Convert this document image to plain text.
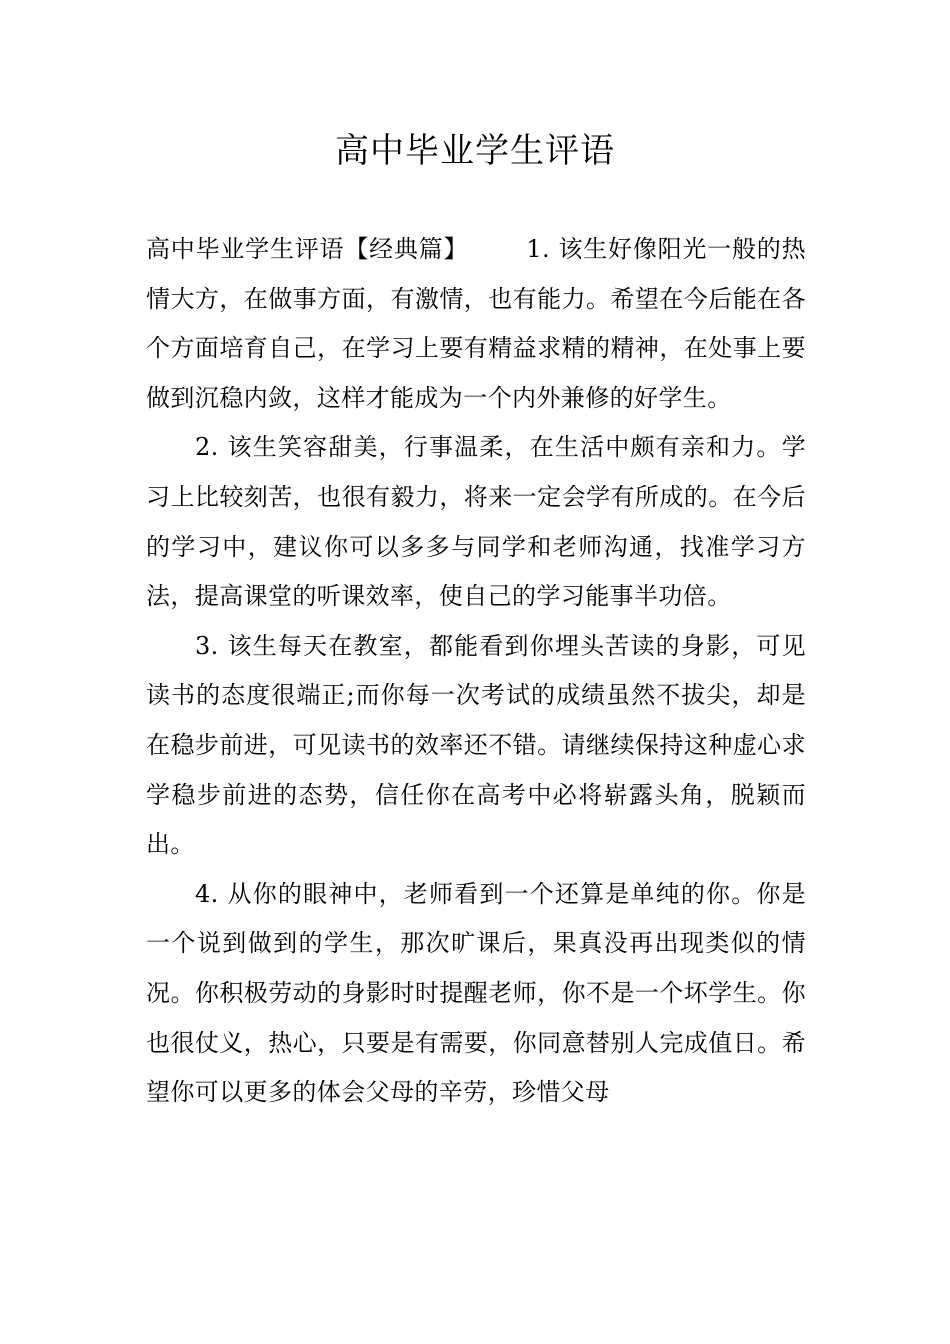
高中毕业学生评语

高中毕业学生评语【经典篇】 1. 该生好像阳光一般的热情大方，在做事方面，有激情，也有能力。希望在今后能在各个方面培育自己，在学习上要有精益求精的精神，在处事上要做到沉稳内敛，这样才能成为一个内外兼修的好学生。

2. 该生笑容甜美，行事温柔，在生活中颇有亲和力。学习上比较刻苦，也很有毅力，将来一定会学有所成的。在今后的学习中，建议你可以多多与同学和老师沟通，找准学习方法，提高课堂的听课效率，使自己的学习能事半功倍。

3. 该生每天在教室，都能看到你埋头苦读的身影，可见读书的态度很端正;而你每一次考试的成绩虽然不拔尖，却是在稳步前进，可见读书的效率还不错。请继续保持这种虚心求学稳步前进的态势，信任你在高考中必将崭露头角，脱颖而出。

4. 从你的眼神中，老师看到一个还算是单纯的你。你是一个说到做到的学生，那次旷课后，果真没再出现类似的情况。你积极劳动的身影时时提醒老师，你不是一个坏学生。你也很仗义，热心，只要是有需要，你同意替别人完成值日。希望你可以更多的体会父母的辛劳，珍惜父母
